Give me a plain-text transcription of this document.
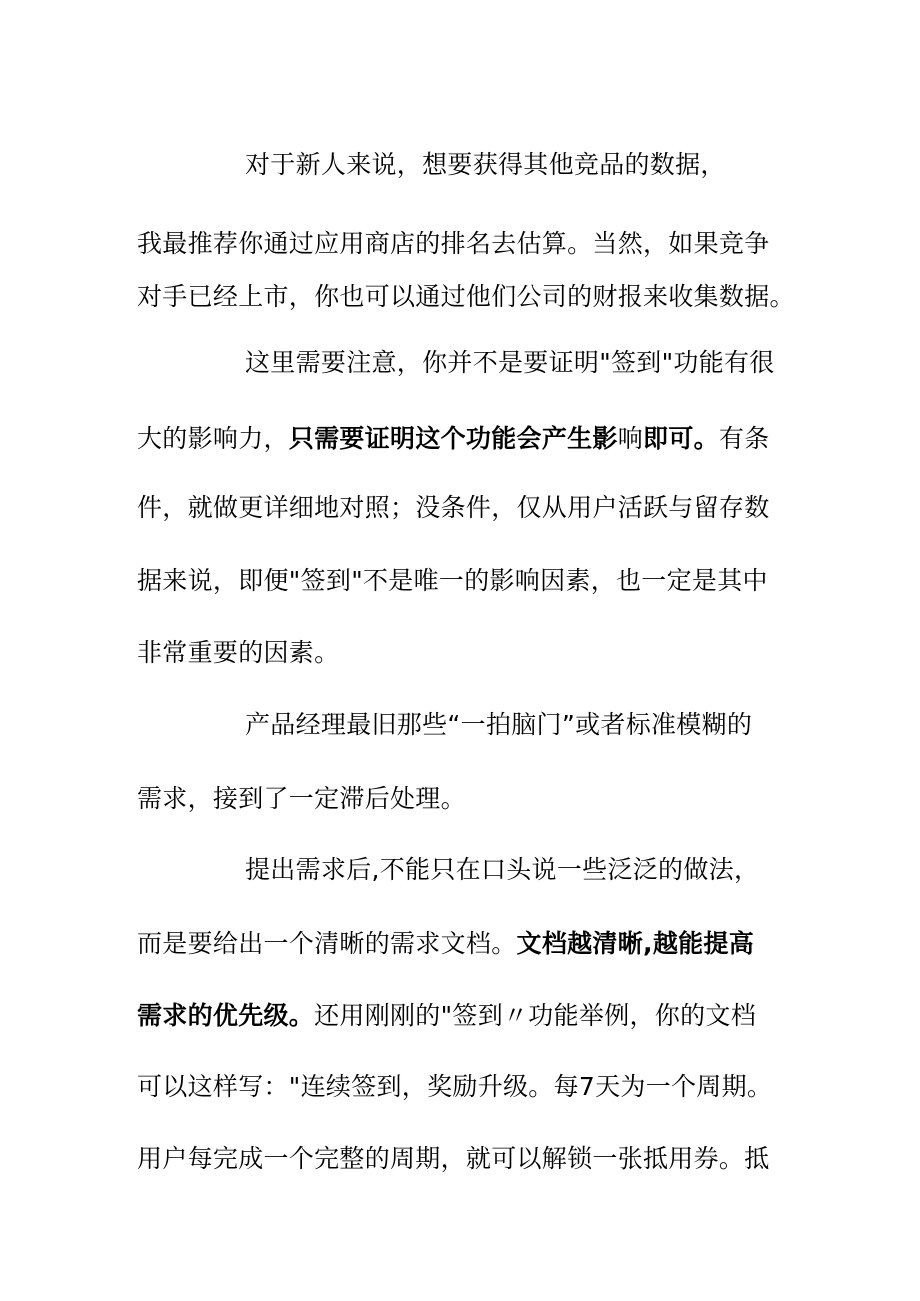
对于新人来说，想要获得其他竞品的数据，
我最推荐你通过应用商店的排名去估算。当然，如果竞争
对手已经上市，你也可以通过他们公司的财报来收集数据。
这里需要注意，你并不是要证明"签到"功能有很
大的影响力，只需要证明这个功能会产生影响即可。有条
件，就做更详细地对照；没条件，仅从用户活跃与留存数
据来说，即便"签到"不是唯一的影响因素，也一定是其中
非常重要的因素。
产品经理最旧那些“一拍脑门”或者标准模糊的
需求，接到了一定滞后处理。
提出需求后,不能只在口头说一些泛泛的做法，
而是要给出一个清晰的需求文档。文档越清晰,越能提高
需求的优先级。还用刚刚的"签到〃功能举例，你的文档
可以这样写："连续签到，奖励升级。每7天为一个周期。
用户每完成一个完整的周期，就可以解锁一张抵用券。抵
